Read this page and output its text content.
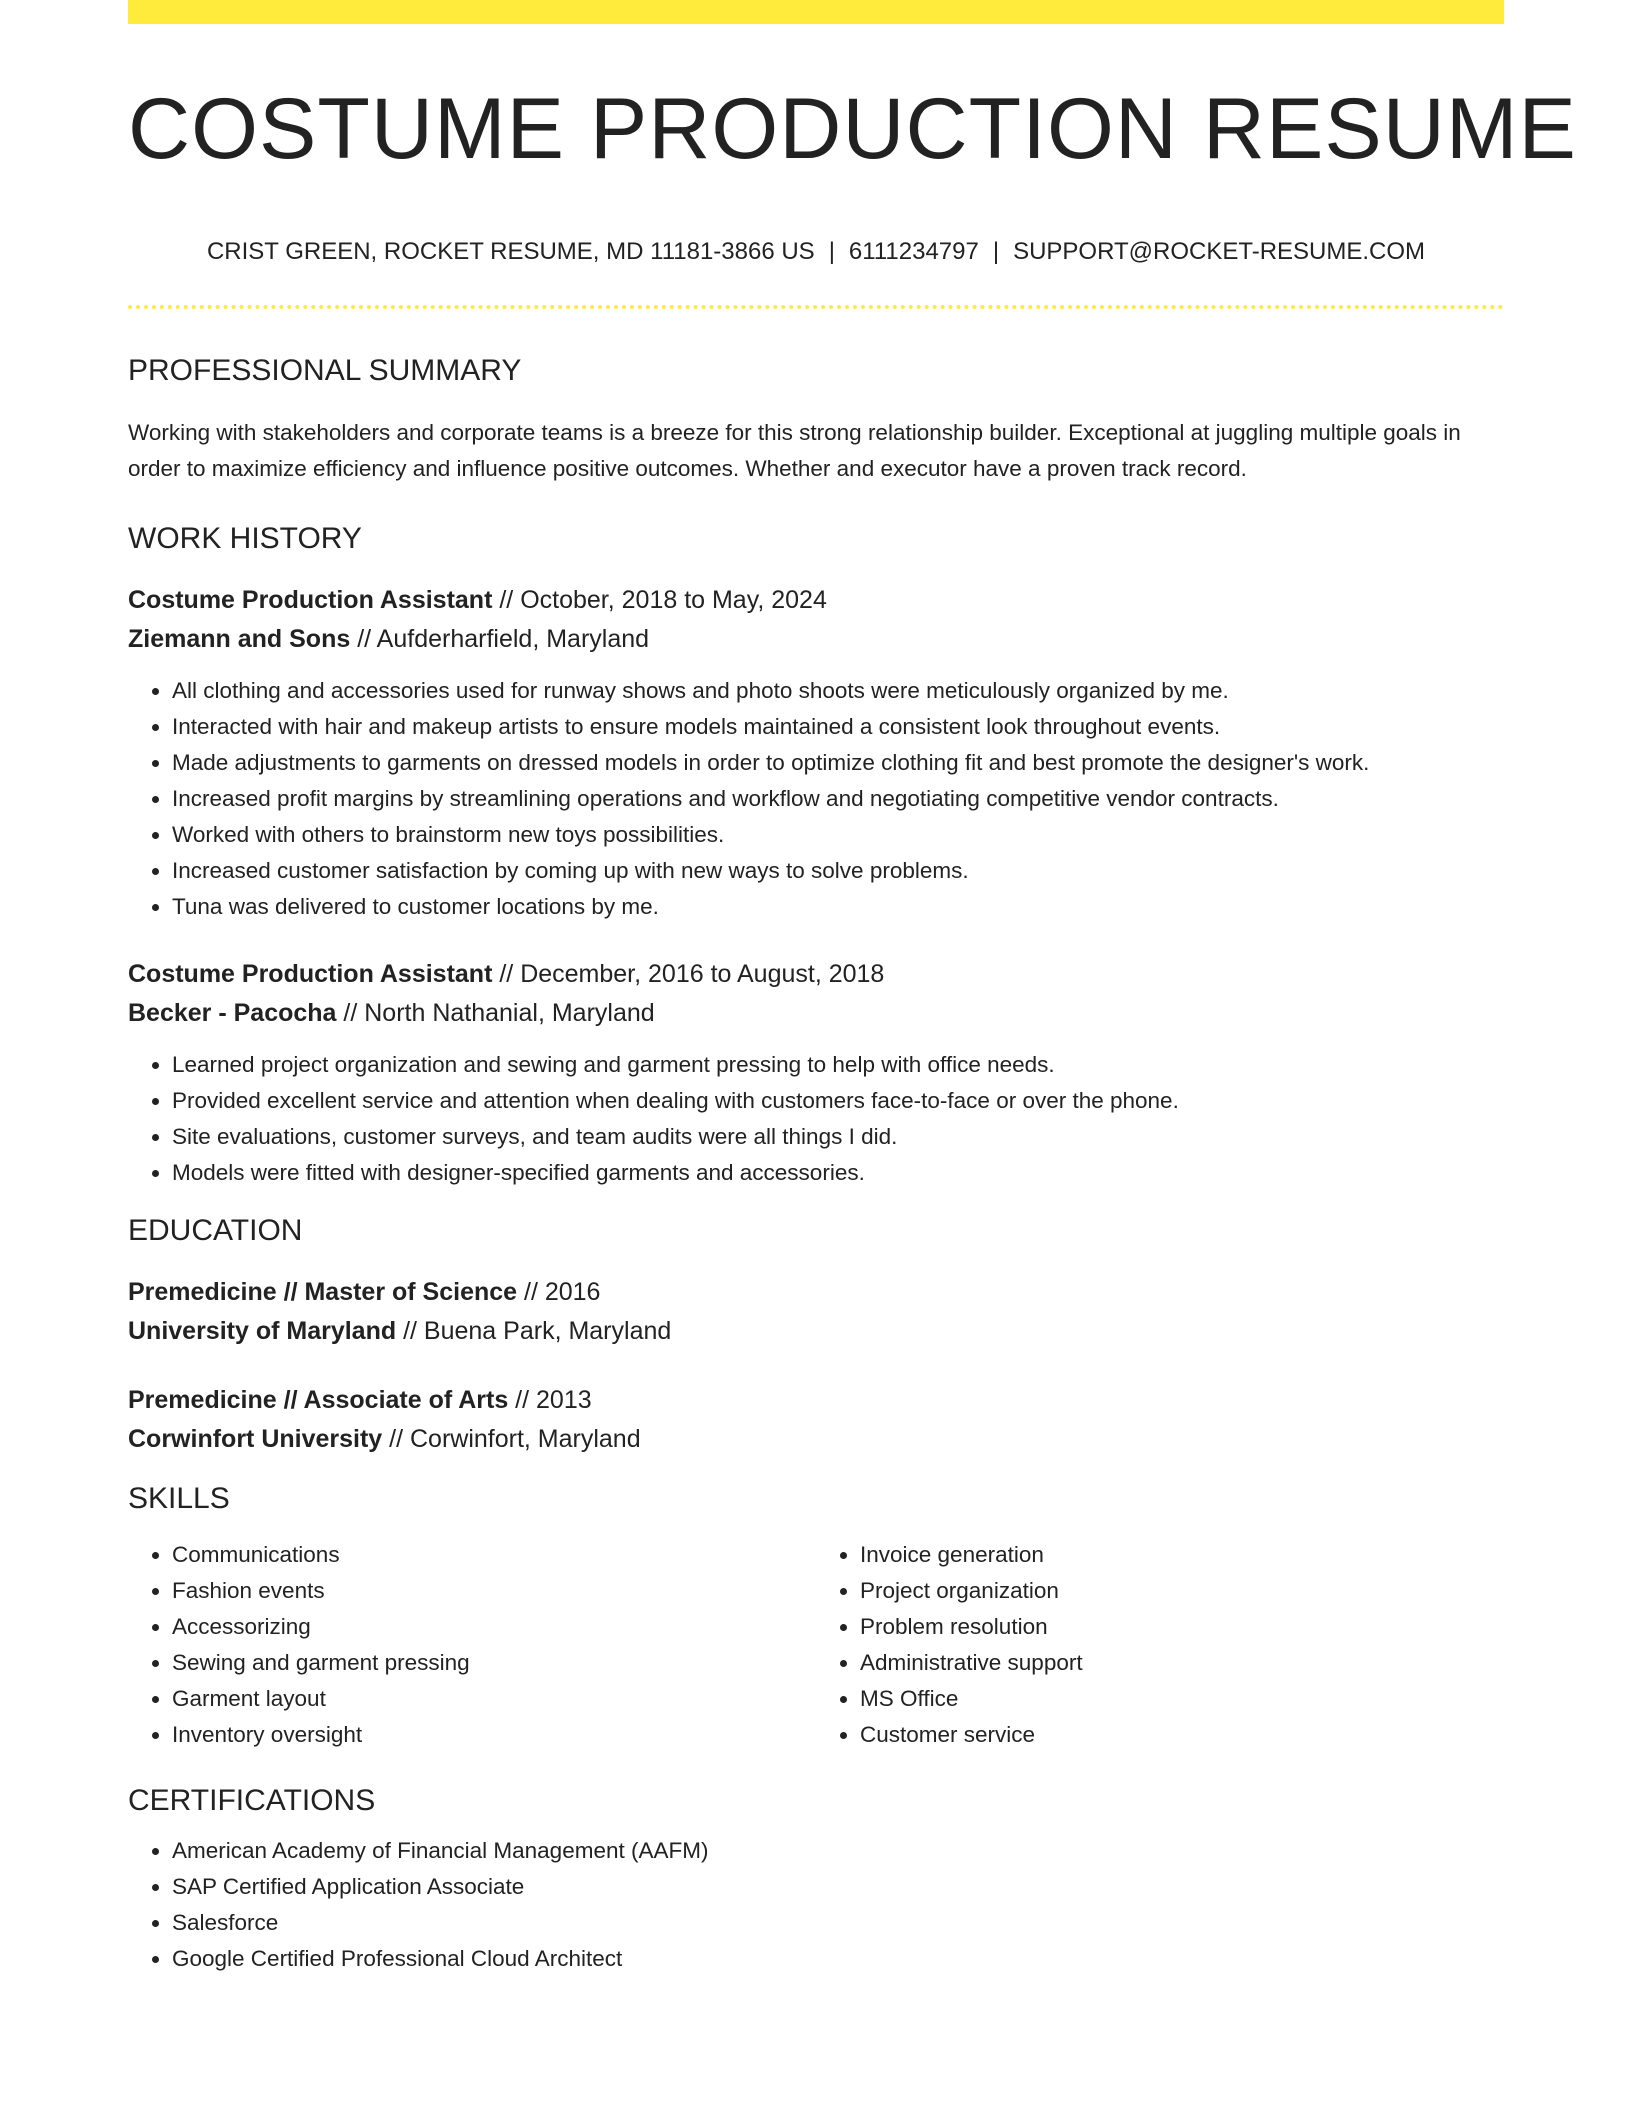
COSTUME PRODUCTION RESUME
CRIST GREEN, ROCKET RESUME, MD 11181-3866 US | 6111234797 | SUPPORT@ROCKET-RESUME.COM
PROFESSIONAL SUMMARY
Working with stakeholders and corporate teams is a breeze for this strong relationship builder. Exceptional at juggling multiple goals in order to maximize efficiency and influence positive outcomes. Whether and executor have a proven track record.
WORK HISTORY
Costume Production Assistant // October, 2018 to May, 2024
Ziemann and Sons // Aufderharfield, Maryland
• All clothing and accessories used for runway shows and photo shoots were meticulously organized by me.
• Interacted with hair and makeup artists to ensure models maintained a consistent look throughout events.
• Made adjustments to garments on dressed models in order to optimize clothing fit and best promote the designer's work.
• Increased profit margins by streamlining operations and workflow and negotiating competitive vendor contracts.
• Worked with others to brainstorm new toys possibilities.
• Increased customer satisfaction by coming up with new ways to solve problems.
• Tuna was delivered to customer locations by me.
Costume Production Assistant // December, 2016 to August, 2018
Becker - Pacocha // North Nathanial, Maryland
• Learned project organization and sewing and garment pressing to help with office needs.
• Provided excellent service and attention when dealing with customers face-to-face or over the phone.
• Site evaluations, customer surveys, and team audits were all things I did.
• Models were fitted with designer-specified garments and accessories.
EDUCATION
Premedicine // Master of Science // 2016
University of Maryland // Buena Park, Maryland
Premedicine // Associate of Arts // 2013
Corwinfort University // Corwinfort, Maryland
SKILLS
• Communications
• Fashion events
• Accessorizing
• Sewing and garment pressing
• Garment layout
• Inventory oversight
• Invoice generation
• Project organization
• Problem resolution
• Administrative support
• MS Office
• Customer service
CERTIFICATIONS
• American Academy of Financial Management (AAFM)
• SAP Certified Application Associate
• Salesforce
• Google Certified Professional Cloud Architect
